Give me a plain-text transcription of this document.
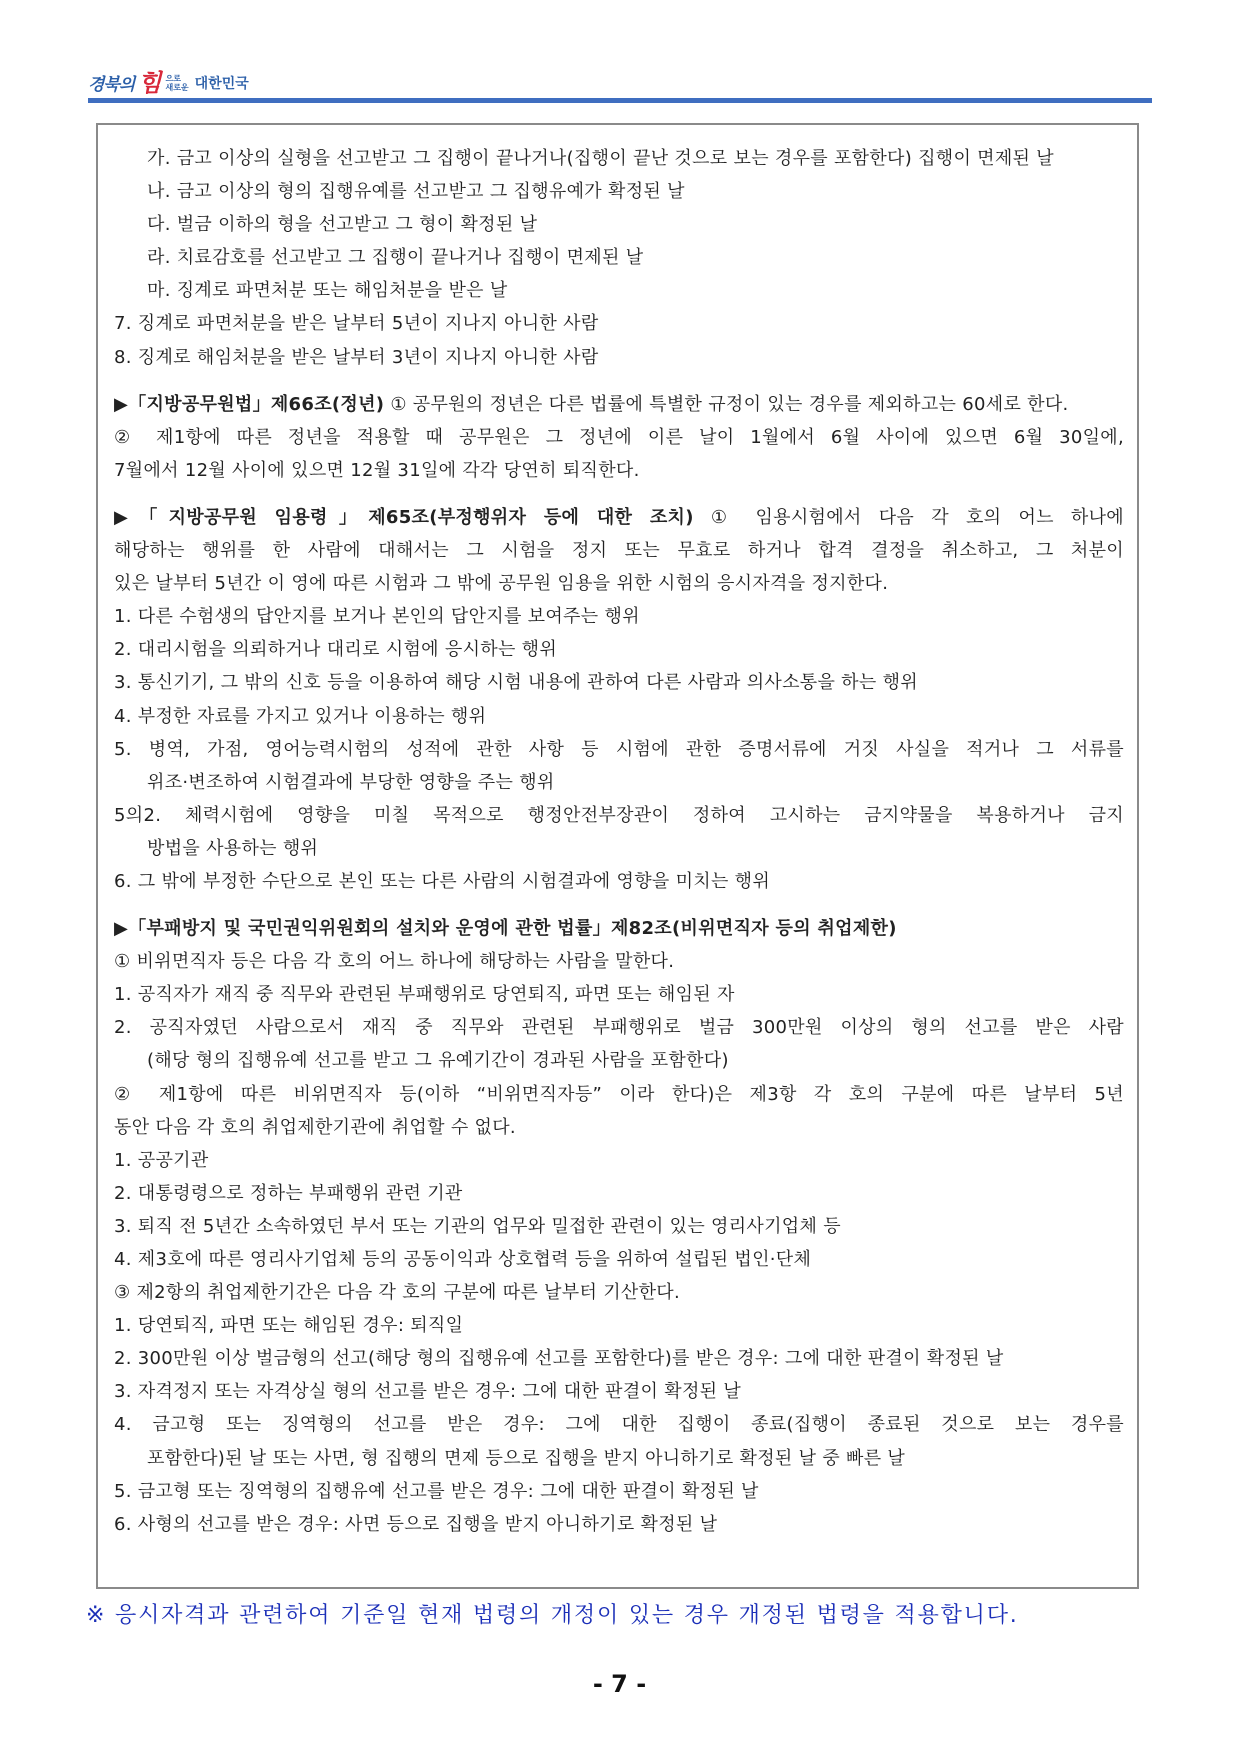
경북의 힘 으로
새로운 대한민국
가. 금고 이상의 실형을 선고받고 그 집행이 끝나거나(집행이 끝난 것으로 보는 경우를 포함한다) 집행이 면제된 날
나. 금고 이상의 형의 집행유예를 선고받고 그 집행유예가 확정된 날
다. 벌금 이하의 형을 선고받고 그 형이 확정된 날
라. 치료감호를 선고받고 그 집행이 끝나거나 집행이 면제된 날
마. 징계로 파면처분 또는 해임처분을 받은 날
7. 징계로 파면처분을 받은 날부터 5년이 지나지 아니한 사람
8. 징계로 해임처분을 받은 날부터 3년이 지나지 아니한 사람
▶「지방공무원법」제66조(정년) ① 공무원의 정년은 다른 법률에 특별한 규정이 있는 경우를 제외하고는 60세로 한다.
② 제1항에 따른 정년을 적용할 때 공무원은 그 정년에 이른 날이 1월에서 6월 사이에 있으면 6월 30일에,
7월에서 12월 사이에 있으면 12월 31일에 각각 당연히 퇴직한다.
▶「지방공무원 임용령」제65조(부정행위자 등에 대한 조치) ① 임용시험에서 다음 각 호의 어느 하나에
해당하는 행위를 한 사람에 대해서는 그 시험을 정지 또는 무효로 하거나 합격 결정을 취소하고, 그 처분이
있은 날부터 5년간 이 영에 따른 시험과 그 밖에 공무원 임용을 위한 시험의 응시자격을 정지한다.
1. 다른 수험생의 답안지를 보거나 본인의 답안지를 보여주는 행위
2. 대리시험을 의뢰하거나 대리로 시험에 응시하는 행위
3. 통신기기, 그 밖의 신호 등을 이용하여 해당 시험 내용에 관하여 다른 사람과 의사소통을 하는 행위
4. 부정한 자료를 가지고 있거나 이용하는 행위
5. 병역, 가점, 영어능력시험의 성적에 관한 사항 등 시험에 관한 증명서류에 거짓 사실을 적거나 그 서류를
위조·변조하여 시험결과에 부당한 영향을 주는 행위
5의2. 체력시험에 영향을 미칠 목적으로 행정안전부장관이 정하여 고시하는 금지약물을 복용하거나 금지
방법을 사용하는 행위
6. 그 밖에 부정한 수단으로 본인 또는 다른 사람의 시험결과에 영향을 미치는 행위
▶「부패방지 및 국민권익위원회의 설치와 운영에 관한 법률」제82조(비위면직자 등의 취업제한)
① 비위면직자 등은 다음 각 호의 어느 하나에 해당하는 사람을 말한다.
1. 공직자가 재직 중 직무와 관련된 부패행위로 당연퇴직, 파면 또는 해임된 자
2. 공직자였던 사람으로서 재직 중 직무와 관련된 부패행위로 벌금 300만원 이상의 형의 선고를 받은 사람
(해당 형의 집행유예 선고를 받고 그 유예기간이 경과된 사람을 포함한다)
② 제1항에 따른 비위면직자 등(이하 “비위면직자등” 이라 한다)은 제3항 각 호의 구분에 따른 날부터 5년
동안 다음 각 호의 취업제한기관에 취업할 수 없다.
1. 공공기관
2. 대통령령으로 정하는 부패행위 관련 기관
3. 퇴직 전 5년간 소속하였던 부서 또는 기관의 업무와 밀접한 관련이 있는 영리사기업체 등
4. 제3호에 따른 영리사기업체 등의 공동이익과 상호협력 등을 위하여 설립된 법인·단체
③ 제2항의 취업제한기간은 다음 각 호의 구분에 따른 날부터 기산한다.
1. 당연퇴직, 파면 또는 해임된 경우: 퇴직일
2. 300만원 이상 벌금형의 선고(해당 형의 집행유예 선고를 포함한다)를 받은 경우: 그에 대한 판결이 확정된 날
3. 자격정지 또는 자격상실 형의 선고를 받은 경우: 그에 대한 판결이 확정된 날
4. 금고형 또는 징역형의 선고를 받은 경우: 그에 대한 집행이 종료(집행이 종료된 것으로 보는 경우를
포함한다)된 날 또는 사면, 형 집행의 면제 등으로 집행을 받지 아니하기로 확정된 날 중 빠른 날
5. 금고형 또는 징역형의 집행유예 선고를 받은 경우: 그에 대한 판결이 확정된 날
6. 사형의 선고를 받은 경우: 사면 등으로 집행을 받지 아니하기로 확정된 날
※ 응시자격과 관련하여 기준일 현재 법령의 개정이 있는 경우 개정된 법령을 적용합니다.
- 7 -
